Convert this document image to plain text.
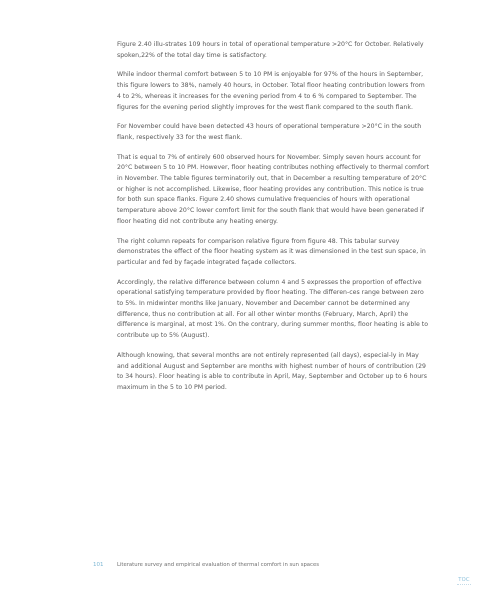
Figure 2.40 illu-strates 109 hours in total of operational temperature >20°C for October. Relatively spoken,22% of the total day time is satisfactory.

While indoor thermal comfort between 5 to 10 PM is enjoyable for 97% of the hours in September, this figure lowers to 38%, namely 40 hours, in October. Total floor heating contribution lowers from 4 to 2%, whereas it increases for the evening period from 4 to 6 % compared to September. The figures for the evening period slightly improves for the west flank compared to the south flank.

For November could have been detected 43 hours of operational temperature >20°C in the south flank, respectively 33 for the west flank.

That is equal to 7% of entirely 600 observed hours for November. Simply seven hours account for 20°C between 5 to 10 PM. However, floor heating contributes nothing effectively to thermal comfort in November. The table figures terminatorily out, that in December a resulting temperature of 20°C or higher is not accomplished. Likewise, floor heating provides any contribution. This notice is true for both sun space flanks. Figure 2.40 shows cumulative frequencies of hours with operational temperature above 20°C lower comfort limit for the south flank that would have been generated if floor heating did not contribute any heating energy.

The right column repeats for comparison relative figure from figure 48. This tabular survey demonstrates the effect of the floor heating system as it was dimensioned in the test sun space, in particular and fed by façade integrated façade collectors.

Accordingly, the relative difference between column 4 and 5 expresses the proportion of effective operational satisfying temperature provided by floor heating. The differen-ces range between zero to 5%. In midwinter months like January, November and December cannot be determined any difference, thus no contribution at all. For all other winter months (February, March, April) the difference is marginal, at most 1%. On the contrary, during summer months, floor heating is able to contribute up to 5% (August).

Although knowing, that several months are not entirely represented (all days), especial-ly in May and additional August and September are months with highest number of hours of contribution (29 to 34 hours). Floor heating is able to contribute in April, May, September and October up to 6 hours maximum in the 5 to 10 PM period.

101	Literature survey and empirical evaluation of thermal comfort in sun spaces
TOC
